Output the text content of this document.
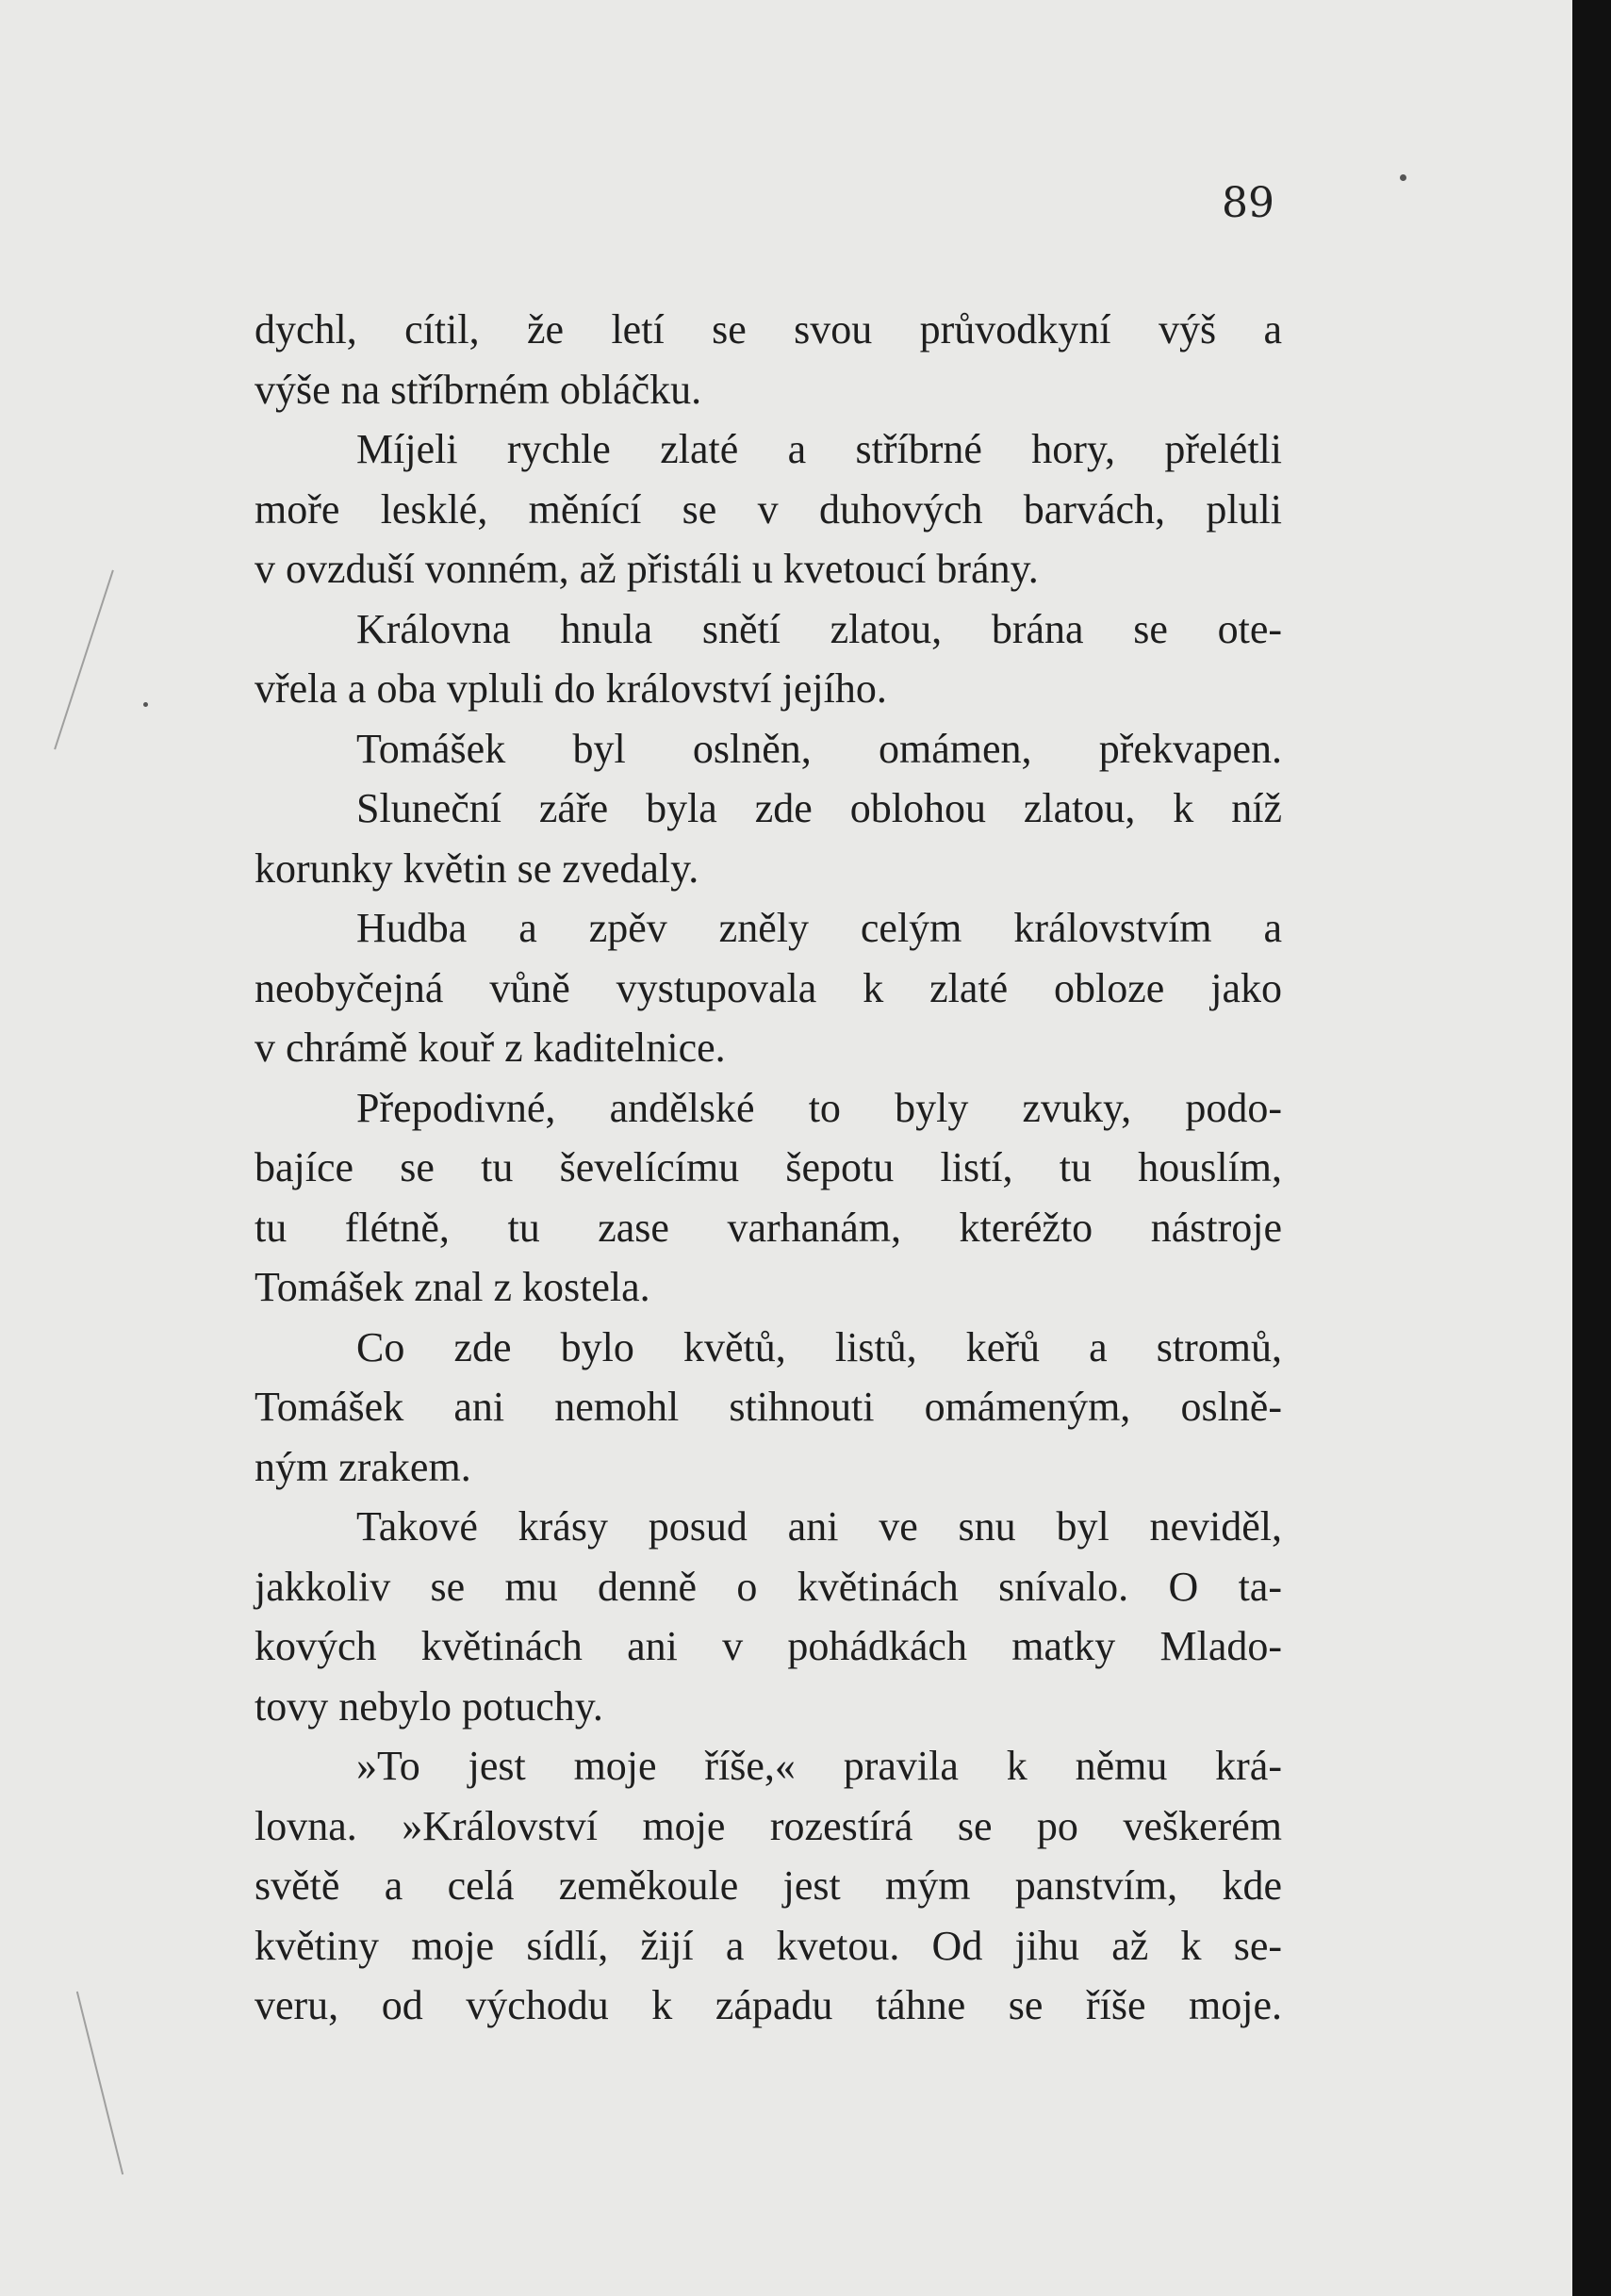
89
dychl, cítil, že letí se svou průvodkyní výš a
výše na stříbrném obláčku.
Míjeli rychle zlaté a stříbrné hory, přelétli
moře lesklé, měnící se v duhových barvách, pluli
v ovzduší vonném, až přistáli u kvetoucí brány.
Královna hnula snětí zlatou, brána se ote-
vřela a oba vpluli do království jejího.
Tomášek byl oslněn, omámen, překvapen.
Sluneční záře byla zde oblohou zlatou, k níž
korunky květin se zvedaly.
Hudba a zpěv zněly celým královstvím a
neobyčejná vůně vystupovala k zlaté obloze jako
v chrámě kouř z kaditelnice.
Přepodivné, andělské to byly zvuky, podo-
bajíce se tu ševelícímu šepotu listí, tu houslím,
tu flétně, tu zase varhanám, kteréžto nástroje
Tomášek znal z kostela.
Co zde bylo květů, listů, keřů a stromů,
Tomášek ani nemohl stihnouti omámeným, oslně-
ným zrakem.
Takové krásy posud ani ve snu byl neviděl,
jakkoliv se mu denně o květinách snívalo. O ta-
kových květinách ani v pohádkách matky Mlado-
tovy nebylo potuchy.
»To jest moje říše,« pravila k němu krá-
lovna. »Království moje rozestírá se po veškerém
světě a celá zeměkoule jest mým panstvím, kde
květiny moje sídlí, žijí a kvetou. Od jihu až k se-
veru, od východu k západu táhne se říše moje.
